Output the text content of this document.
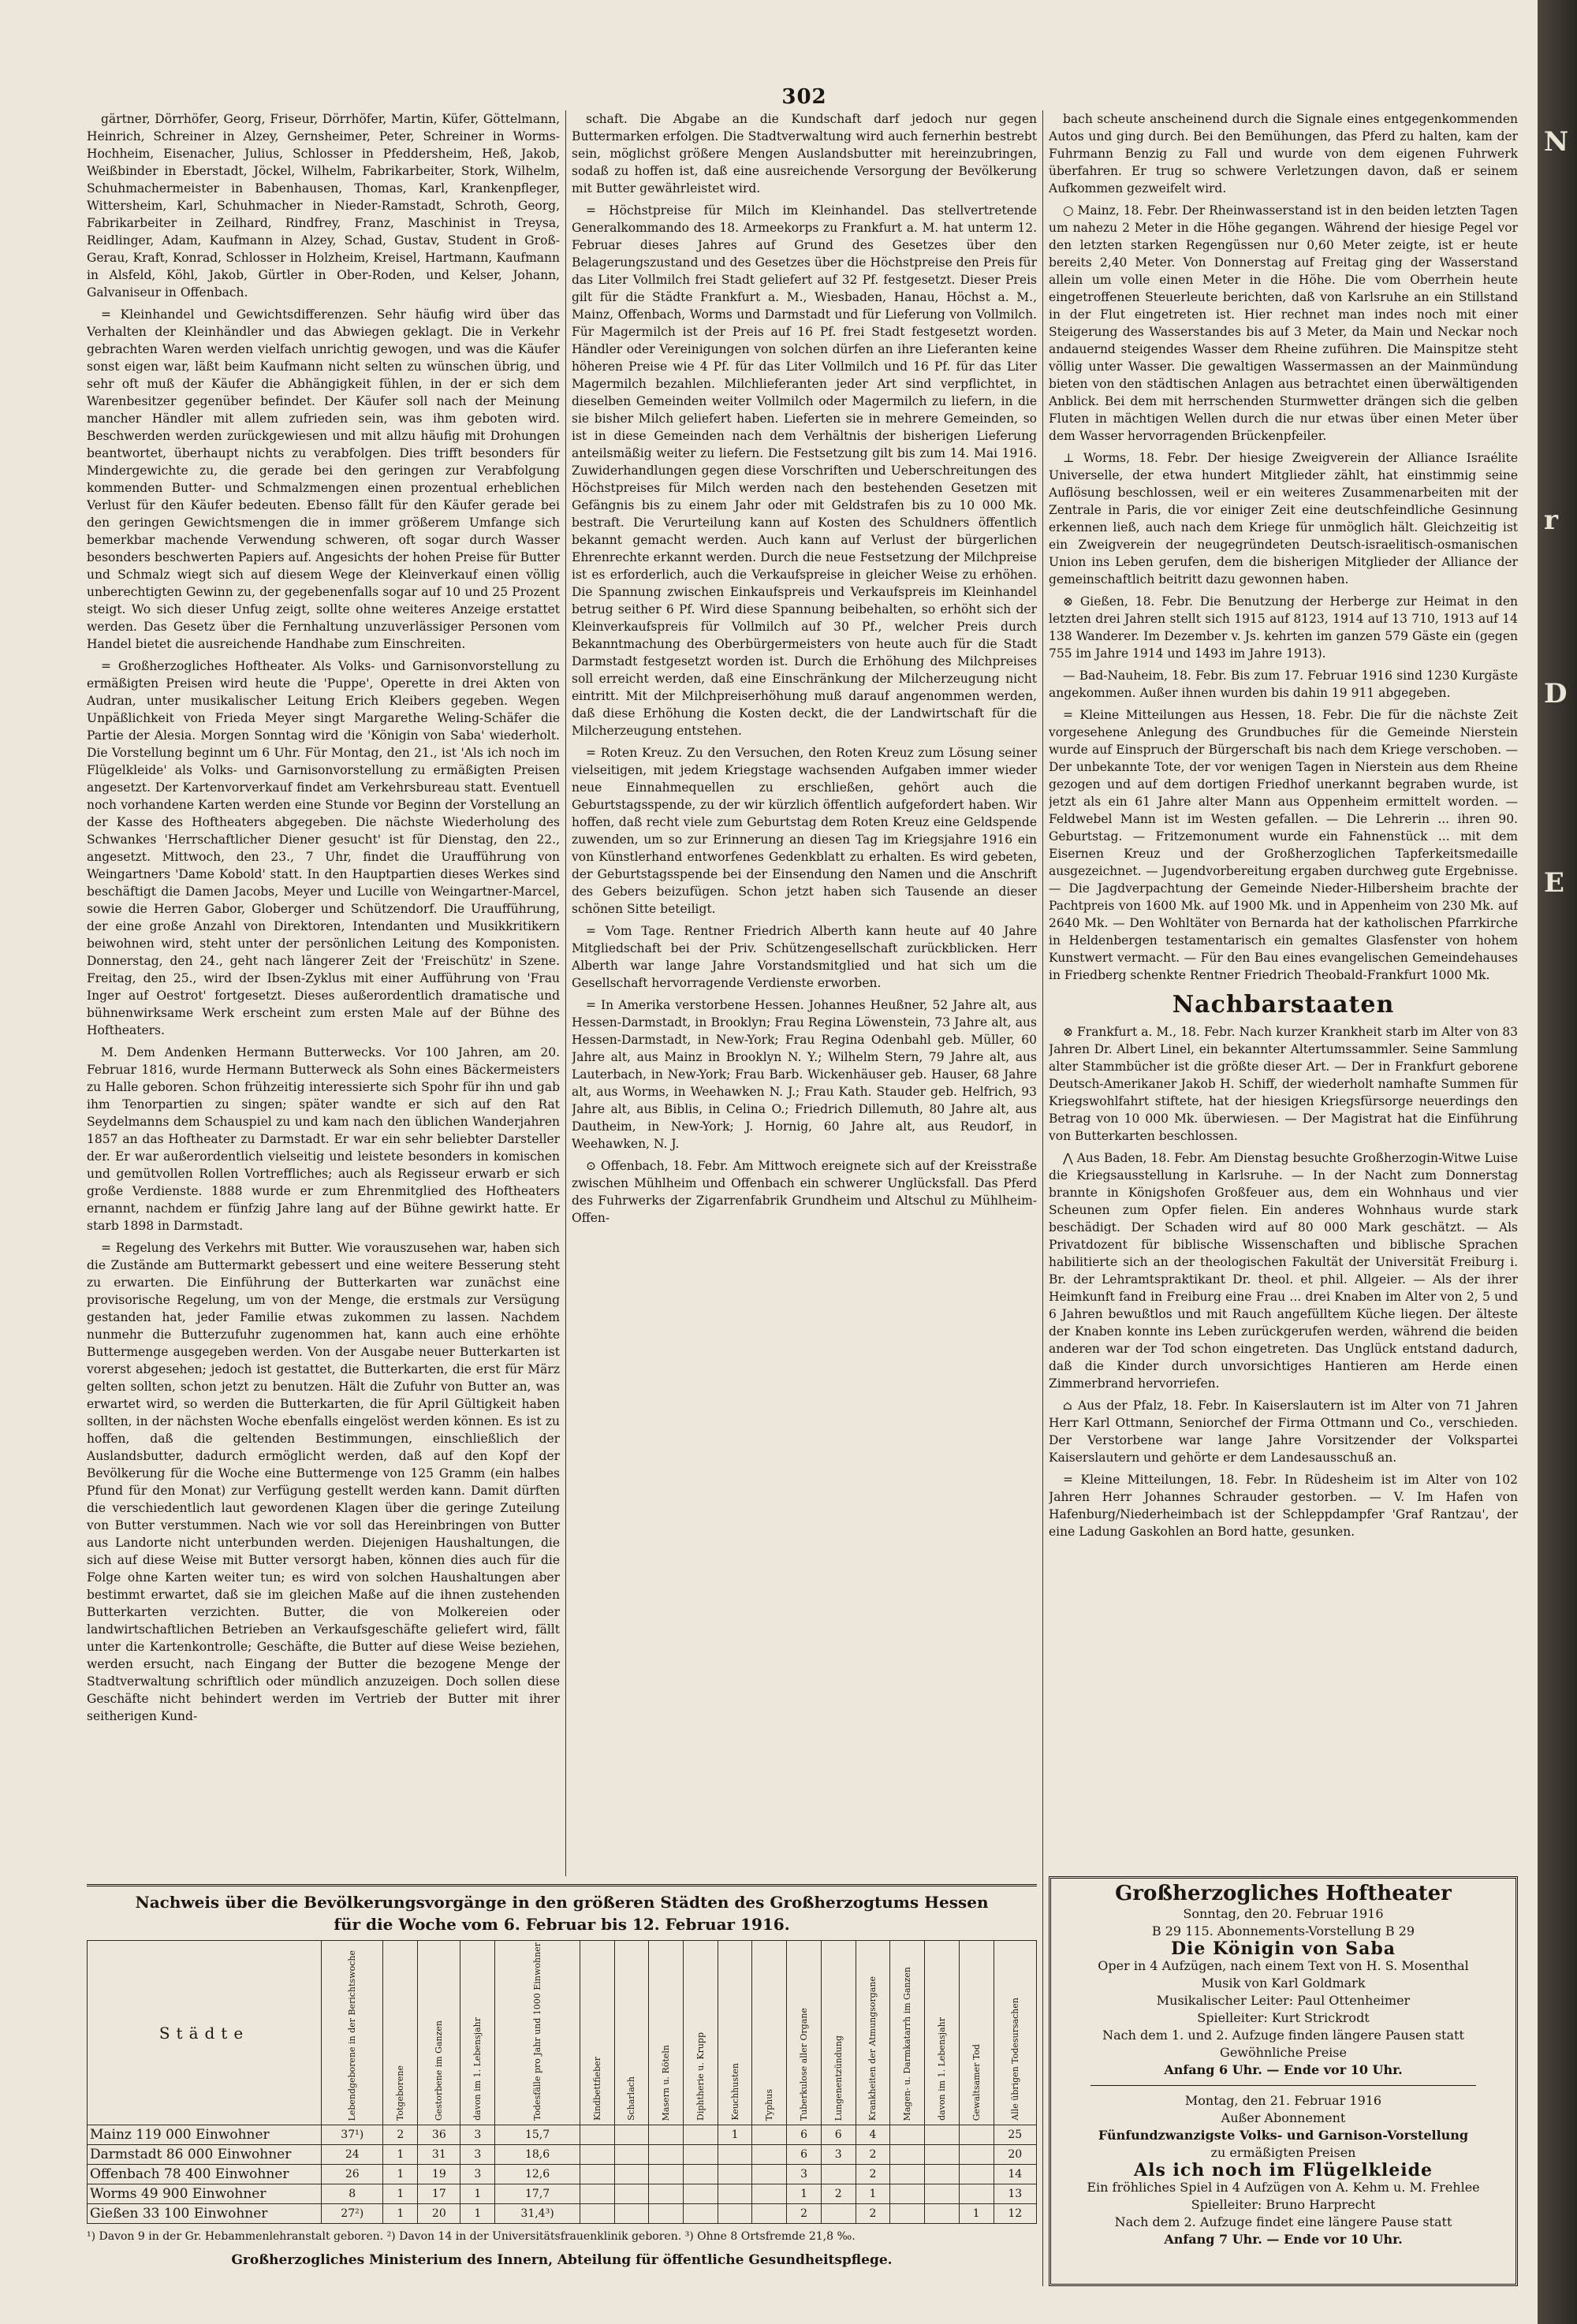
302

gärtner, Dörrhöfer, Georg, Friseur, Dörrhöfer, Martin, Küfer, Göttelmann, Heinrich, Schreiner in Alzey, Gernsheimer, Peter, Schreiner in Worms-Hochheim, Eisenacher, Julius, Schlosser in Pfeddersheim, Heß, Jakob, Weißbinder in Eberstadt, Jöckel, Wilhelm, Fabrikarbeiter, Stork, Wilhelm, Schuhmachermeister in Babenhausen, Thomas, Karl, Krankenpfleger, Wittersheim, Karl, Schuhmacher in Nieder-Ramstadt, Schroth, Georg, Fabrikarbeiter in Zeilhard, Rindfrey, Franz, Maschinist in Treysa, Reidlinger, Adam, Kaufmann in Alzey, Schad, Gustav, Student in Groß-Gerau, Kraft, Konrad, Schlosser in Holzheim, Kreisel, Hartmann, Kaufmann in Alsfeld, Köhl, Jakob, Gürtler in Ober-Roden, und Kelser, Johann, Galvaniseur in Offenbach.

= Kleinhandel und Gewichtsdifferenzen. Sehr häufig wird über das Verhalten der Kleinhändler und das Abwiegen geklagt. Die in Verkehr gebrachten Waren werden vielfach unrichtig gewogen, und was die Käufer sonst eigen war, läßt beim Kaufmann nicht selten zu wünschen übrig, und sehr oft muß der Käufer die Abhängigkeit fühlen, in der er sich dem Warenbesitzer gegenüber befindet. Der Käufer soll nach der Meinung mancher Händler mit allem zufrieden sein, was ihm geboten wird. Beschwerden werden zurückgewiesen und mit allzu häufig mit Drohungen beantwortet, überhaupt nichts zu verabfolgen. Dies trifft besonders für Mindergewichte zu, die gerade bei den geringen zur Verabfolgung kommenden Butter- und Schmalzmengen einen prozentual erheblichen Verlust für den Käufer bedeuten. Ebenso fällt für den Käufer gerade bei den geringen Gewichtsmengen die in immer größerem Umfange sich bemerkbar machende Verwendung schweren, oft sogar durch Wasser besonders beschwerten Papiers auf. Angesichts der hohen Preise für Butter und Schmalz wiegt sich auf diesem Wege der Kleinverkauf einen völlig unberechtigten Gewinn zu, der gegebenenfalls sogar auf 10 und 25 Prozent steigt. Wo sich dieser Unfug zeigt, sollte ohne weiteres Anzeige erstattet werden. Das Gesetz über die Fernhaltung unzuverlässiger Personen vom Handel bietet die ausreichende Handhabe zum Einschreiten.

= Großherzogliches Hoftheater. Als Volks- und Garnisonvorstellung zu ermäßigten Preisen wird heute die 'Puppe', Operette in drei Akten von Audran, unter musikalischer Leitung Erich Kleibers gegeben. Wegen Unpäßlichkeit von Frieda Meyer singt Margarethe Weling-Schäfer die Partie der Alesia. Morgen Sonntag wird die 'Königin von Saba' wiederholt. Die Vorstellung beginnt um 6 Uhr. Für Montag, den 21., ist 'Als ich noch im Flügelkleide' als Volks- und Garnisonvorstellung zu ermäßigten Preisen angesetzt. Der Kartenvorverkauf findet am Verkehrsbureau statt. Eventuell noch vorhandene Karten werden eine Stunde vor Beginn der Vorstellung an der Kasse des Hoftheaters abgegeben. Die nächste Wiederholung des Schwankes 'Herrschaftlicher Diener gesucht' ist für Dienstag, den 22., angesetzt. Mittwoch, den 23., 7 Uhr, findet die Uraufführung von Weingartners 'Dame Kobold' statt. In den Hauptpartien dieses Werkes sind beschäftigt die Damen Jacobs, Meyer und Lucille von Weingartner-Marcel, sowie die Herren Gabor, Globerger und Schützendorf. Die Uraufführung, der eine große Anzahl von Direktoren, Intendanten und Musikkritikern beiwohnen wird, steht unter der persönlichen Leitung des Komponisten. Donnerstag, den 24., geht nach längerer Zeit der 'Freischütz' in Szene. Freitag, den 25., wird der Ibsen-Zyklus mit einer Aufführung von 'Frau Inger auf Oestrot' fortgesetzt. Dieses außerordentlich dramatische und bühnenwirksame Werk erscheint zum ersten Male auf der Bühne des Hoftheaters.

M. Dem Andenken Hermann Butterwecks. Vor 100 Jahren, am 20. Februar 1816, wurde Hermann Butterweck als Sohn eines Bäckermeisters zu Halle geboren. Schon frühzeitig interessierte sich Spohr für ihn und gab ihm Tenorpartien zu singen; später wandte er sich auf den Rat Seydelmanns dem Schauspiel zu und kam nach den üblichen Wanderjahren 1857 an das Hoftheater zu Darmstadt. Er war ein sehr beliebter Darsteller der. Er war außerordentlich vielseitig und leistete besonders in komischen und gemütvollen Rollen Vortreffliches; auch als Regisseur erwarb er sich große Verdienste. 1888 wurde er zum Ehrenmitglied des Hoftheaters ernannt, nachdem er fünfzig Jahre lang auf der Bühne gewirkt hatte. Er starb 1898 in Darmstadt.

= Regelung des Verkehrs mit Butter. Wie vorauszusehen war, haben sich die Zustände am Buttermarkt gebessert und eine weitere Besserung steht zu erwarten. Die Einführung der Butterkarten war zunächst eine provisorische Regelung, um von der Menge, die erstmals zur Versügung gestanden hat, jeder Familie etwas zukommen zu lassen. Nachdem nunmehr die Butterzufuhr zugenommen hat, kann auch eine erhöhte Buttermenge ausgegeben werden. Von der Ausgabe neuer Butterkarten ist vorerst abgesehen; jedoch ist gestattet, die Butterkarten, die erst für März gelten sollten, schon jetzt zu benutzen. Hält die Zufuhr von Butter an, was erwartet wird, so werden die Butterkarten, die für April Gültigkeit haben sollten, in der nächsten Woche ebenfalls eingelöst werden können. Es ist zu hoffen, daß die geltenden Bestimmungen, einschließlich der Auslandsbutter, dadurch ermöglicht werden, daß auf den Kopf der Bevölkerung für die Woche eine Buttermenge von 125 Gramm (ein halbes Pfund für den Monat) zur Verfügung gestellt werden kann. Damit dürften die verschiedentlich laut gewordenen Klagen über die geringe Zuteilung von Butter verstummen. Nach wie vor soll das Hereinbringen von Butter aus Landorte nicht unterbunden werden. Diejenigen Haushaltungen, die sich auf diese Weise mit Butter versorgt haben, können dies auch für die Folge ohne Karten weiter tun; es wird von solchen Haushaltungen aber bestimmt erwartet, daß sie im gleichen Maße auf die ihnen zustehenden Butterkarten verzichten. Butter, die von Molkereien oder landwirtschaftlichen Betrieben an Verkaufsgeschäfte geliefert wird, fällt unter die Kartenkontrolle; Geschäfte, die Butter auf diese Weise beziehen, werden ersucht, nach Eingang der Butter die bezogene Menge der Stadtverwaltung schriftlich oder mündlich anzuzeigen. Doch sollen diese Geschäfte nicht behindert werden im Vertrieb der Butter mit ihrer seitherigen Kund-

schaft. Die Abgabe an die Kundschaft darf jedoch nur gegen Buttermarken erfolgen. Die Stadtverwaltung wird auch fernerhin bestrebt sein, möglichst größere Mengen Auslandsbutter mit hereinzubringen, sodaß zu hoffen ist, daß eine ausreichende Versorgung der Bevölkerung mit Butter gewährleistet wird.

= Höchstpreise für Milch im Kleinhandel. Das stellvertretende Generalkommando des 18. Armeekorps zu Frankfurt a. M. hat unterm 12. Februar dieses Jahres auf Grund des Gesetzes über den Belagerungszustand und des Gesetzes über die Höchstpreise den Preis für das Liter Vollmilch frei Stadt geliefert auf 32 Pf. festgesetzt. Dieser Preis gilt für die Städte Frankfurt a. M., Wiesbaden, Hanau, Höchst a. M., Mainz, Offenbach, Worms und Darmstadt und für Lieferung von Vollmilch. Für Magermilch ist der Preis auf 16 Pf. frei Stadt festgesetzt worden. Händler oder Vereinigungen von solchen dürfen an ihre Lieferanten keine höheren Preise wie 4 Pf. für das Liter Vollmilch und 16 Pf. für das Liter Magermilch bezahlen. Milchlieferanten jeder Art sind verpflichtet, in dieselben Gemeinden weiter Vollmilch oder Magermilch zu liefern, in die sie bisher Milch geliefert haben. Lieferten sie in mehrere Gemeinden, so ist in diese Gemeinden nach dem Verhältnis der bisherigen Lieferung anteilsmäßig weiter zu liefern. Die Festsetzung gilt bis zum 14. Mai 1916. Zuwiderhandlungen gegen diese Vorschriften und Ueberschreitungen des Höchstpreises für Milch werden nach den bestehenden Gesetzen mit Gefängnis bis zu einem Jahr oder mit Geldstrafen bis zu 10 000 Mk. bestraft. Die Verurteilung kann auf Kosten des Schuldners öffentlich bekannt gemacht werden. Auch kann auf Verlust der bürgerlichen Ehrenrechte erkannt werden. Durch die neue Festsetzung der Milchpreise ist es erforderlich, auch die Verkaufspreise in gleicher Weise zu erhöhen. Die Spannung zwischen Einkaufspreis und Verkaufspreis im Kleinhandel betrug seither 6 Pf. Wird diese Spannung beibehalten, so erhöht sich der Kleinverkaufspreis für Vollmilch auf 30 Pf., welcher Preis durch Bekanntmachung des Oberbürgermeisters von heute auch für die Stadt Darmstadt festgesetzt worden ist. Durch die Erhöhung des Milchpreises soll erreicht werden, daß eine Einschränkung der Milcherzeugung nicht eintritt. Mit der Milchpreiserhöhung muß darauf angenommen werden, daß diese Erhöhung die Kosten deckt, die der Landwirtschaft für die Milcherzeugung entstehen.

= Roten Kreuz. Zu den Versuchen, den Roten Kreuz zum Lösung seiner vielseitigen, mit jedem Kriegstage wachsenden Aufgaben immer wieder neue Einnahmequellen zu erschließen, gehört auch die Geburtstagsspende, zu der wir kürzlich öffentlich aufgefordert haben. Wir hoffen, daß recht viele zum Geburtstag dem Roten Kreuz eine Geldspende zuwenden, um so zur Erinnerung an diesen Tag im Kriegsjahre 1916 ein von Künstlerhand entworfenes Gedenkblatt zu erhalten. Es wird gebeten, der Geburtstagsspende bei der Einsendung den Namen und die Anschrift des Gebers beizufügen. Schon jetzt haben sich Tausende an dieser schönen Sitte beteiligt.

= Vom Tage. Rentner Friedrich Alberth kann heute auf 40 Jahre Mitgliedschaft bei der Priv. Schützengesellschaft zurückblicken. Herr Alberth war lange Jahre Vorstandsmitglied und hat sich um die Gesellschaft hervorragende Verdienste erworben.

= In Amerika verstorbene Hessen. Johannes Heußner, 52 Jahre alt, aus Hessen-Darmstadt, in Brooklyn; Frau Regina Löwenstein, 73 Jahre alt, aus Hessen-Darmstadt, in New-York; Frau Regina Odenbahl geb. Müller, 60 Jahre alt, aus Mainz in Brooklyn N. Y.; Wilhelm Stern, 79 Jahre alt, aus Lauterbach, in New-York; Frau Barb. Wickenhäuser geb. Hauser, 68 Jahre alt, aus Worms, in Weehawken N. J.; Frau Kath. Stauder geb. Helfrich, 93 Jahre alt, aus Biblis, in Celina O.; Friedrich Dillemuth, 80 Jahre alt, aus Dautheim, in New-York; J. Hornig, 60 Jahre alt, aus Reudorf, in Weehawken, N. J.

⊙ Offenbach, 18. Febr. Am Mittwoch ereignete sich auf der Kreisstraße zwischen Mühlheim und Offenbach ein schwerer Unglücksfall. Das Pferd des Fuhrwerks der Zigarrenfabrik Grundheim und Altschul zu Mühlheim-Offen-

bach scheute anscheinend durch die Signale eines entgegenkommenden Autos und ging durch. Bei den Bemühungen, das Pferd zu halten, kam der Fuhrmann Benzig zu Fall und wurde von dem eigenen Fuhrwerk überfahren. Er trug so schwere Verletzungen davon, daß er seinem Aufkommen gezweifelt wird.

○ Mainz, 18. Febr. Der Rheinwasserstand ist in den beiden letzten Tagen um nahezu 2 Meter in die Höhe gegangen. Während der hiesige Pegel vor den letzten starken Regengüssen nur 0,60 Meter zeigte, ist er heute bereits 2,40 Meter. Von Donnerstag auf Freitag ging der Wasserstand allein um volle einen Meter in die Höhe. Die vom Oberrhein heute eingetroffenen Steuerleute berichten, daß von Karlsruhe an ein Stillstand in der Flut eingetreten ist. Hier rechnet man indes noch mit einer Steigerung des Wasserstandes bis auf 3 Meter, da Main und Neckar noch andauernd steigendes Wasser dem Rheine zuführen. Die Mainspitze steht völlig unter Wasser. Die gewaltigen Wassermassen an der Mainmündung bieten von den städtischen Anlagen aus betrachtet einen überwältigenden Anblick. Bei dem mit herrschenden Sturmwetter drängen sich die gelben Fluten in mächtigen Wellen durch die nur etwas über einen Meter über dem Wasser hervorragenden Brückenpfeiler.

⊥ Worms, 18. Febr. Der hiesige Zweigverein der Alliance Israélite Universelle, der etwa hundert Mitglieder zählt, hat einstimmig seine Auflösung beschlossen, weil er ein weiteres Zusammenarbeiten mit der Zentrale in Paris, die vor einiger Zeit eine deutschfeindliche Gesinnung erkennen ließ, auch nach dem Kriege für unmöglich hält. Gleichzeitig ist ein Zweigverein der neugegründeten Deutsch-israelitisch-osmanischen Union ins Leben gerufen, dem die bisherigen Mitglieder der Alliance der gemeinschaftlich beitritt dazu gewonnen haben.

⊗ Gießen, 18. Febr. Die Benutzung der Herberge zur Heimat in den letzten drei Jahren stellt sich 1915 auf 8123, 1914 auf 13 710, 1913 auf 14 138 Wanderer. Im Dezember v. Js. kehrten im ganzen 579 Gäste ein (gegen 755 im Jahre 1914 und 1493 im Jahre 1913).

— Bad-Nauheim, 18. Febr. Bis zum 17. Februar 1916 sind 1230 Kurgäste angekommen. Außer ihnen wurden bis dahin 19 911 abgegeben.

= Kleine Mitteilungen aus Hessen, 18. Febr. Die für die nächste Zeit vorgesehene Anlegung des Grundbuches für die Gemeinde Nierstein wurde auf Einspruch der Bürgerschaft bis nach dem Kriege verschoben. — Der unbekannte Tote, der vor wenigen Tagen in Nierstein aus dem Rheine gezogen und auf dem dortigen Friedhof unerkannt begraben wurde, ist jetzt als ein 61 Jahre alter Mann aus Oppenheim ermittelt worden. — Feldwebel Mann ist im Westen gefallen. — Die Lehrerin ... ihren 90. Geburtstag. — Fritzemonument wurde ein Fahnenstück ... mit dem Eisernen Kreuz und der Großherzoglichen Tapferkeitsmedaille ausgezeichnet. — Jugendvorbereitung ergaben durchweg gute Ergebnisse. — Die Jagdverpachtung der Gemeinde Nieder-Hilbersheim brachte der Pachtpreis von 1600 Mk. auf 1900 Mk. und in Appenheim von 230 Mk. auf 2640 Mk. — Den Wohltäter von Bernarda hat der katholischen Pfarrkirche in Heldenbergen testamentarisch ein gemaltes Glasfenster von hohem Kunstwert vermacht. — Für den Bau eines evangelischen Gemeindehauses in Friedberg schenkte Rentner Friedrich Theobald-Frankfurt 1000 Mk.

Nachbarstaaten

⊗ Frankfurt a. M., 18. Febr. Nach kurzer Krankheit starb im Alter von 83 Jahren Dr. Albert Linel, ein bekannter Altertumssammler. Seine Sammlung alter Stammbücher ist die größte dieser Art. — Der in Frankfurt geborene Deutsch-Amerikaner Jakob H. Schiff, der wiederholt namhafte Summen für Kriegswohlfahrt stiftete, hat der hiesigen Kriegsfürsorge neuerdings den Betrag von 10 000 Mk. überwiesen. — Der Magistrat hat die Einführung von Butterkarten beschlossen.

⋀ Aus Baden, 18. Febr. Am Dienstag besuchte Großherzogin-Witwe Luise die Kriegsausstellung in Karlsruhe. — In der Nacht zum Donnerstag brannte in Königshofen Großfeuer aus, dem ein Wohnhaus und vier Scheunen zum Opfer fielen. Ein anderes Wohnhaus wurde stark beschädigt. Der Schaden wird auf 80 000 Mark geschätzt. — Als Privatdozent für biblische Wissenschaften und biblische Sprachen habilitierte sich an der theologischen Fakultät der Universität Freiburg i. Br. der Lehramtspraktikant Dr. theol. et phil. Allgeier. — Als der ihrer Heimkunft fand in Freiburg eine Frau ... drei Knaben im Alter von 2, 5 und 6 Jahren bewußtlos und mit Rauch angefülltem Küche liegen. Der älteste der Knaben konnte ins Leben zurückgerufen werden, während die beiden anderen war der Tod schon eingetreten. Das Unglück entstand dadurch, daß die Kinder durch unvorsichtiges Hantieren am Herde einen Zimmerbrand hervorriefen.

⌂ Aus der Pfalz, 18. Febr. In Kaiserslautern ist im Alter von 71 Jahren Herr Karl Ottmann, Seniorchef der Firma Ottmann und Co., verschieden. Der Verstorbene war lange Jahre Vorsitzender der Volkspartei Kaiserslautern und gehörte er dem Landesausschuß an.

= Kleine Mitteilungen, 18. Febr. In Rüdesheim ist im Alter von 102 Jahren Herr Johannes Schrauder gestorben. — V. Im Hafen von Hafenburg/Niederheimbach ist der Schleppdampfer 'Graf Rantzau', der eine Ladung Gaskohlen an Bord hatte, gesunken.

Nachweis über die Bevölkerungsvorgänge in den größeren Städten des Großherzogtums Hessen
für die Woche vom 6. Februar bis 12. Februar 1916.
Städte	Lebendgeborene in der Berichtswoche	Totgeborene	Gestorbene im Ganzen	davon im 1. Lebensjahr	Todesfälle pro Jahr und 1000 Einwohner	Kindbettfieber	Scharlach	Masern u. Röteln	Diphtherie u. Krupp	Keuchhusten	Typhus	Tuberkulose aller Organe	Lungenentzündung	Krankheiten der Atmungsorgane	Magen- u. Darmkatarrh im Ganzen	davon im 1. Lebensjahr	Gewaltsamer Tod	Alle übrigen Todesursachen
Mainz 119 000 Einwohner	37¹)	2	36	3	15,7					1		6	6	4				25
Darmstadt 86 000 Einwohner	24	1	31	3	18,6							6	3	2				20
Offenbach 78 400 Einwohner	26	1	19	3	12,6							3		2				14
Worms 49 900 Einwohner	8	1	17	1	17,7							1	2	1				13
Gießen 33 100 Einwohner	27²)	1	20	1	31,4³)							2		2			1	12
¹) Davon 9 in der Gr. Hebammenlehranstalt geboren. ²) Davon 14 in der Universitätsfrauenklinik geboren. ³) Ohne 8 Ortsfremde 21,8 ‰.
Großherzogliches Ministerium des Innern, Abteilung für öffentliche Gesundheitspflege.
Großherzogliches Hoftheater
Sonntag, den 20. Februar 1916
B 29 115. Abonnements-Vorstellung B 29
Die Königin von Saba
Oper in 4 Aufzügen, nach einem Text von H. S. Mosenthal
Musik von Karl Goldmark
Musikalischer Leiter: Paul Ottenheimer
Spielleiter: Kurt Strickrodt
Nach dem 1. und 2. Aufzuge finden längere Pausen statt
Gewöhnliche Preise
Anfang 6 Uhr. — Ende vor 10 Uhr.
Montag, den 21. Februar 1916
Außer Abonnement
Fünfundzwanzigste Volks- und Garnison-Vorstellung
zu ermäßigten Preisen
Als ich noch im Flügelkleide
Ein fröhliches Spiel in 4 Aufzügen von A. Kehm u. M. Frehlee
Spielleiter: Bruno Harprecht
Nach dem 2. Aufzuge findet eine längere Pause statt
Anfang 7 Uhr. — Ende vor 10 Uhr.
N
r
D
E
